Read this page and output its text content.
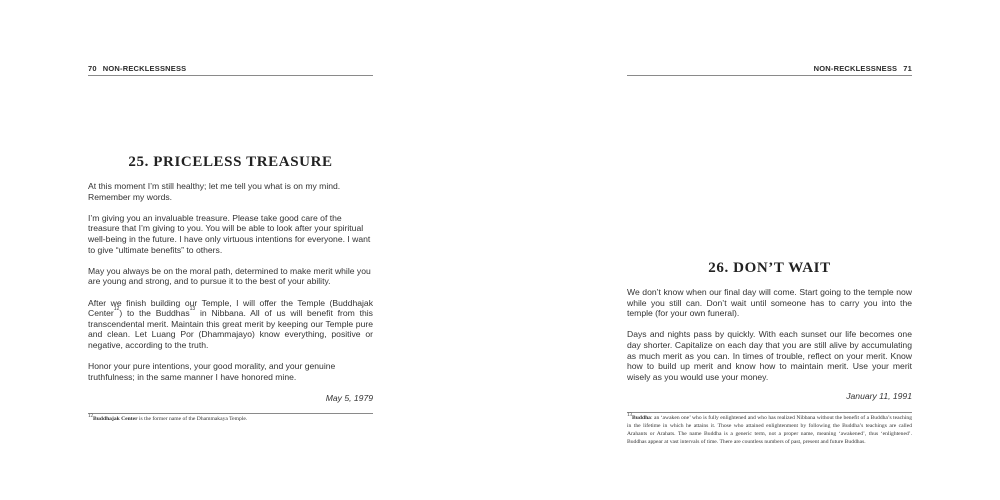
70 NON-RECKLESSNESS
25. PRICELESS TREASURE

At this moment I’m still healthy; let me tell you what is on my mind. Remember my words.

I’m giving you an invaluable treasure. Please take good care of the treasure that I’m giving to you. You will be able to look after your spiritual well-being in the future. I have only virtuous intentions for everyone. I want to give “ultimate benefits” to others.

May you always be on the moral path, determined to make merit while you are young and strong, and to pursue it to the best of your ability.

After we finish building our Temple, I will offer the Temple (Buddhajak Center$^{12}$) to the Buddhas$^{13}$ in Nibbana. All of us will benefit from this transcendental merit. Maintain this great merit by keeping our Temple pure and clean. Let Luang Por (Dhammajayo) know everything, positive or negative, according to the truth.

Honor your pure intentions, your good morality, and your genuine truthfulness; in the same manner I have honored mine.

May 5, 1979
$^{12}$Buddhajak Center is the former name of the Dhammakaya Temple.
NON-RECKLESSNESS 71
26. DON’T WAIT

We don’t know when our final day will come. Start going to the temple now while you still can. Don’t wait until someone has to carry you into the temple (for your own funeral).

Days and nights pass by quickly. With each sunset our life becomes one day shorter. Capitalize on each day that you are still alive by accumulating as much merit as you can. In times of trouble, reflect on your merit. Know how to build up merit and know how to maintain merit. Use your merit wisely as you would use your money.

January 11, 1991
$^{13}$Buddha: an ‘awaken one’ who is fully enlightened and who has realized Nibbana without the benefit of a Buddha’s teaching in the lifetime in which he attains it. Those who attained enlightenment by following the Buddha’s teachings are called Arahants or Arahats. The name Buddha is a generic term, not a proper name, meaning ‘awakened’, thus ‘enlightened’. Buddhas appear at vast intervals of time. There are countless numbers of past, present and future Buddhas.
